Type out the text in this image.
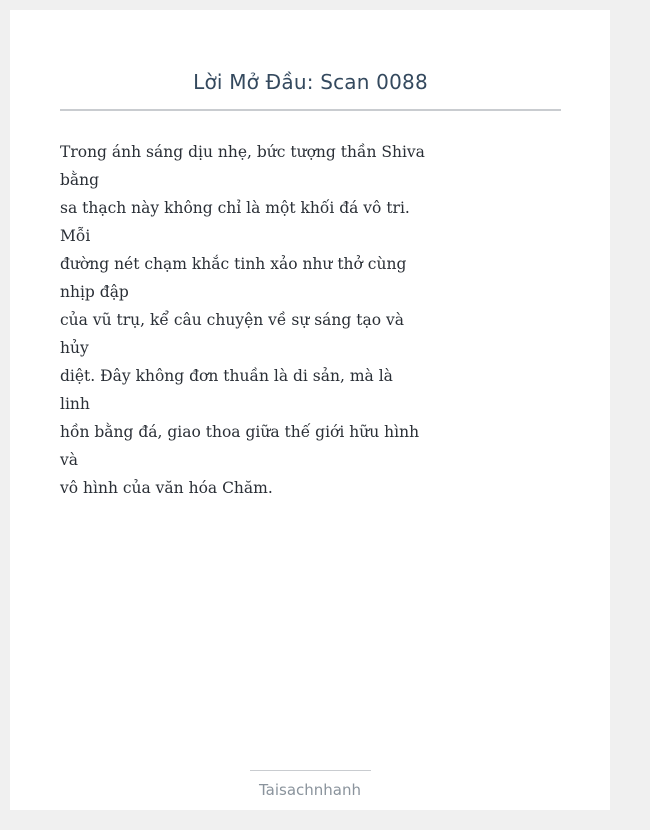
Lời Mở Đầu: Scan 0088
Trong ánh sáng dịu nhẹ, bức tượng thần Shiva
bằng
sa thạch này không chỉ là một khối đá vô tri.
Mỗi
đường nét chạm khắc tinh xảo như thở cùng
nhịp đập
của vũ trụ, kể câu chuyện về sự sáng tạo và
hủy
diệt. Đây không đơn thuần là di sản, mà là
linh
hồn bằng đá, giao thoa giữa thế giới hữu hình
và
vô hình của văn hóa Chăm.
Taisachnhanh
